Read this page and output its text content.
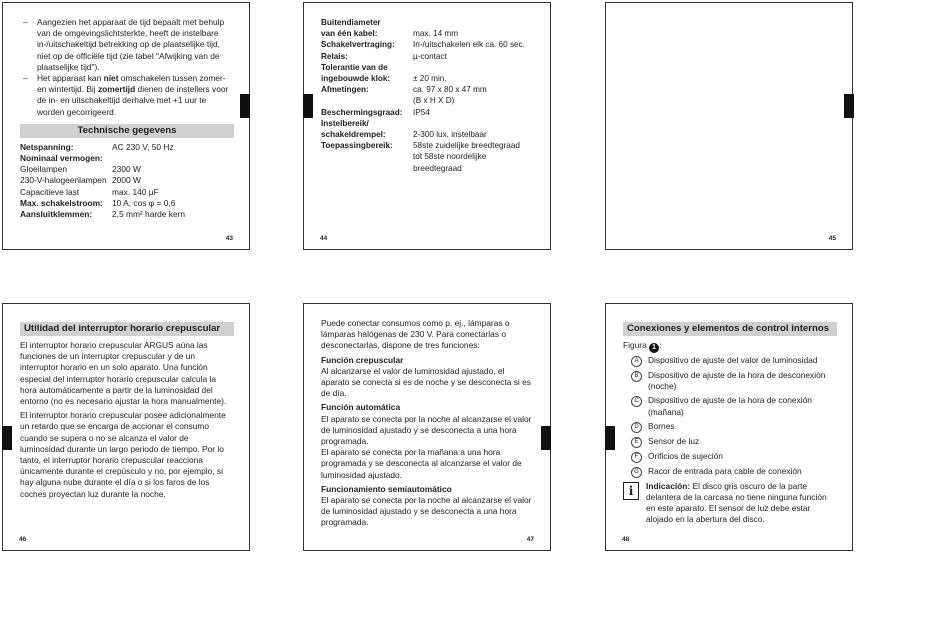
– Aangezien het apparaat de tijd bepaalt met behulp van de omgevingslichtsterkte, heeft de instelbare in-/uitschakeltijd betrekking op de plaatselijke tijd, niet op de officiële tijd (zie tabel "Afwijking van de plaatselijke tijd").
– Het apparaat kan niet omschakelen tussen zomer- en wintertijd. Bij zomertijd dienen de instellers voor de in- en uitschakeltijd derhalve met +1 uur te worden gecorrigeerd.
Technische gegevens
Netspanning:	AC 230 V, 50 Hz
Nominaal vermogen:
Gloeilampen	2300 W
230-V-halogeenlampen 2000 W
Capacitieve last	max. 140 µF
Max. schakelstroom:	10 A, cos φ = 0,6
Aansluitklemmen:	2,5 mm² harde kern
43
Buitendiameter
van één kabel:	max. 14 mm
Schakelvertraging:	In-/uitschakelen elk ca. 60 sec.
Relais:	µ-contact
Tolerantie van de
ingebouwde klok:	± 20 min.
Afmetingen:	ca. 97 x 80 x 47 mm
(B x H X D)
Beschermingsgraad:	IP54
Instelbereik/
schakeldrempel:	2-300 lux, instelbaar
Toepassingbereik:	58ste zuidelijke breedtegraad
tot 58ste noordelijke
breedtegraad
44	45
Utilidad del interruptor horario crepuscular

El interruptor horario crepuscular ARGUS aúna las funciones de un interruptor crepuscular y de un interruptor horario en un solo aparato. Una función especial del interruptor horario crepuscular calcula la hora automáticamente a partir de la luminosidad del entorno (no es necesario ajustar la hora manualmente).

El interruptor horario crepuscular posee adicionalmente un retardo que se encarga de accionar el consumo cuando se supera o no se alcanza el valor de luminosidad durante un largo periodo de tiempo. Por lo tanto, el interruptor horario crepuscular reacciona únicamente durante el crepúsculo y no, por ejemplo, si hay alguna nube durante el día o si los faros de los coches proyectan luz durante la noche.

46

Puede conectar consumos como p. ej., lámparas o lámparas halógenas de 230 V. Para conectarlas o desconectarlas, dispone de tres funciones:

Función crepuscular

Al alcanzarse el valor de luminosidad ajustado, el aparato se conecta si es de noche y se desconecta si es de día.

Función automática
El aparato se conecta por la noche al alcanzarse el valor de luminosidad ajustado y se desconecta a una hora programada.

El aparato se conecta por la mañana a una hora programada y se desconecta al alcanzarse el valor de luminosidad ajustado.

Funcionamiento semiautomático

El aparato se conecta por la noche al alcanzarse el valor de luminosidad ajustado y se desconecta a una hora programada.

47
Conexiones y elementos de control internos
Figura 1 :
A	Dispositivo de ajuste del valor de luminosidad
B	Dispositivo de ajuste de la hora de desconexión (noche)
C	Dispositivo de ajuste de la hora de conexión (mañana)
D	Bornes
E	Sensor de luz
F	Orificios de sujeción
G	Racor de entrada para cable de conexión
i	Indicación: El disco gris oscuro de la parte delantera de la carcasa no tiene ninguna función en este aparato. El sensor de luz debe estar alojado en la abertura del disco.
48
